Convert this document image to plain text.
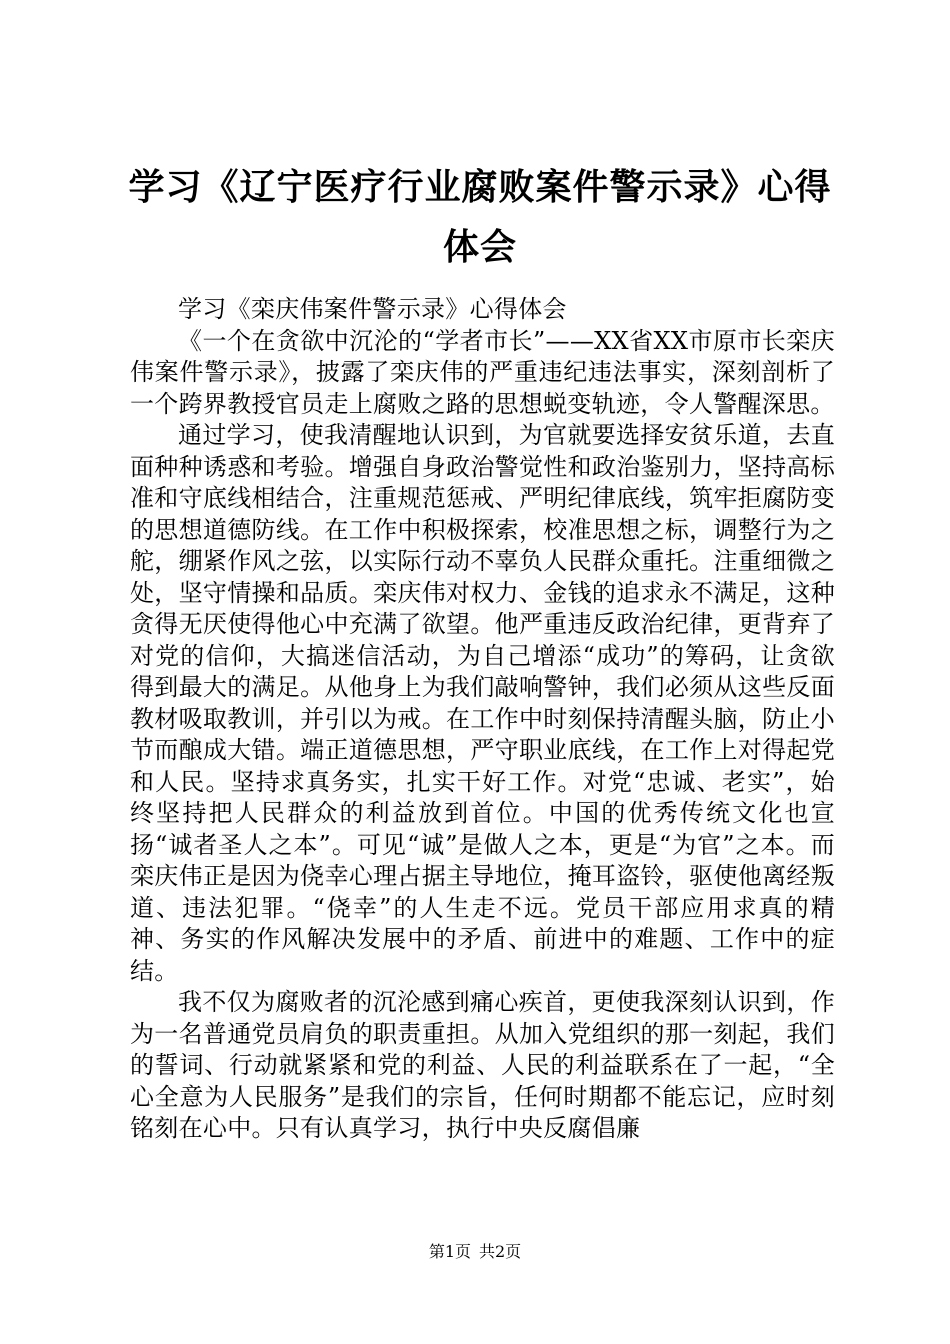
学习《辽宁医疗行业腐败案件警示录》心得体会

学习《栾庆伟案件警示录》心得体会

《一个在贪欲中沉沦的“学者市长”——XX省XX市原市长栾庆伟案件警示录》，披露了栾庆伟的严重违纪违法事实，深刻剖析了一个跨界教授官员走上腐败之路的思想蜕变轨迹，令人警醒深思。

通过学习，使我清醒地认识到，为官就要选择安贫乐道，去直面种种诱惑和考验。增强自身政治警觉性和政治鉴别力，坚持高标准和守底线相结合，注重规范惩戒、严明纪律底线，筑牢拒腐防变的思想道德防线。在工作中积极探索，校准思想之标，调整行为之舵，绷紧作风之弦，以实际行动不辜负人民群众重托。注重细微之处，坚守情操和品质。栾庆伟对权力、金钱的追求永不满足，这种贪得无厌使得他心中充满了欲望。他严重违反政治纪律，更背弃了对党的信仰，大搞迷信活动，为自己增添“成功”的筹码，让贪欲得到最大的满足。从他身上为我们敲响警钟，我们必须从这些反面教材吸取教训，并引以为戒。在工作中时刻保持清醒头脑，防止小节而酿成大错。端正道德思想，严守职业底线，在工作上对得起党和人民。坚持求真务实，扎实干好工作。对党“忠诚、老实”，始终坚持把人民群众的利益放到首位。中国的优秀传统文化也宣扬“诚者圣人之本”。可见“诚”是做人之本，更是“为官”之本。而栾庆伟正是因为侥幸心理占据主导地位，掩耳盗铃，驱使他离经叛道、违法犯罪。“侥幸”的人生走不远。党员干部应用求真的精神、务实的作风解决发展中的矛盾、前进中的难题、工作中的症结。

我不仅为腐败者的沉沦感到痛心疾首，更使我深刻认识到，作为一名普通党员肩负的职责重担。从加入党组织的那一刻起，我们的誓词、行动就紧紧和党的利益、人民的利益联系在了一起，“全心全意为人民服务”是我们的宗旨，任何时期都不能忘记，应时刻铭刻在心中。只有认真学习，执行中央反腐倡廉

第1页 共2页
